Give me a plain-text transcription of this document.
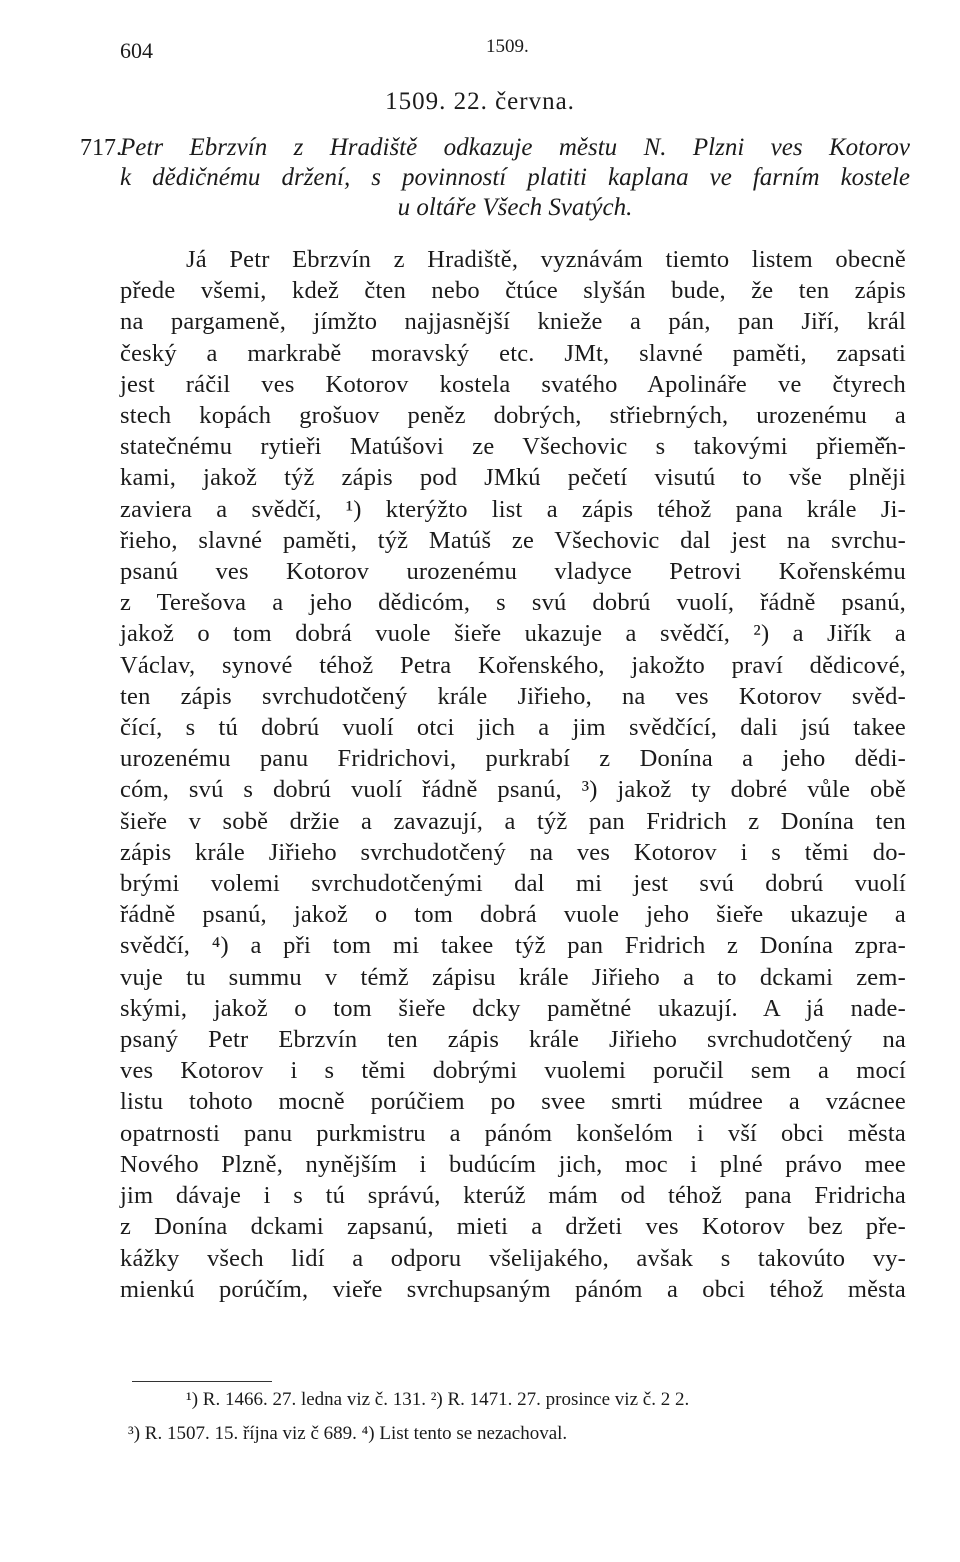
604	1509.
1509. 22. června.
717.
Petr Ebrzvín z Hradiště odkazuje městu N. Plzni ves Kotorov
k dědičnému držení, s povinností platiti kaplana ve farním kostele
u oltáře Všech Svatých.
Já Petr Ebrzvín z Hradiště, vyznávám tiemto listem obecně
přede všemi, kdež čten nebo čtúce slyšán bude, že ten zápis
na pargameně, jímžto najjasnější kniežе a pán, pan Jiří, král
český a markrabě moravský etc. JMt, slavné paměti, zapsati
jest ráčil ves Kotorov kostela svatého Apolináře ve čtyrech
stech kopách grošuov peněz dobrých, střiebrných, urozenému a
statečnému rytieři Matúšovi ze Všechovic s takovými přiemě̌n-
kami, jakož týž zápis pod JMkú pečetí visutú to vše plněji
zaviera a svědčí, ¹) kterýžto list a zápis téhož pana krále Ji-
řieho, slavné paměti, týž Matúš ze Všechovic dal jest na svrchu-
psanú ves Kotorov urozenému vladyce Petrovi Kořenskému
z Terešova a jeho dědicóm, s svú dobrú vuolí, řádně psanú,
jakož o tom dobrá vuole šieře ukazuje a svědčí, ²) a Jiřík a
Václav, synové téhož Petra Kořenského, jakožto praví dědicové,
ten zápis svrchudotčený krále Jiřieho, na ves Kotorov svěd-
čící, s tú dobrú vuolí otci jich a jim svědčící, dali jsú takee
urozenému panu Fridrichovi, purkrabí z Donína a jeho dědi-
cóm, svú s dobrú vuolí řádně psanú, ³) jakož ty dobré vůle obě
šieře v sobě držie a zavazují, a týž pan Fridrich z Donína ten
zápis krále Jiřieho svrchudotčený na ves Kotorov i s těmi do-
brými volemi svrchudotčenými dal mi jest svú dobrú vuolí
řádně psanú, jakož o tom dobrá vuole jeho šieře ukazuje a
svědčí, ⁴) a při tom mi takee týž pan Fridrich z Donína zpra-
vuje tu summu v témž zápisu krále Jiřieho a to dckami zem-
skými, jakož o tom šieře dcky pamětné ukazují. A já nade-
psaný Petr Ebrzvín ten zápis krále Jiřieho svrchudotčený na
ves Kotorov i s těmi dobrými vuolemi poručil sem a mocí
listu tohoto mocně porúčiem po svee smrti múdree a vzácnee
opatrnosti panu purkmistru a pánóm konšelóm i vší obci města
Nového Plzně, nynějším i budúcím jich, moc i plné právo mee
jim dávaje i s tú správú, kterúž mám od téhož pana Fridricha
z Donína dckami zapsanú, mieti a držeti ves Kotorov bez pře-
kážky všech lidí a odporu všelijakého, avšak s takovúto vy-
mienkú porúčím, vieře svrchupsaným pánóm a obci téhož města
¹) R. 1466. 27. ledna viz č. 131. ²) R. 1471. 27. prosince viz č. 2 2.
³) R. 1507. 15. října viz č 689. ⁴) List tento se nezachoval.
